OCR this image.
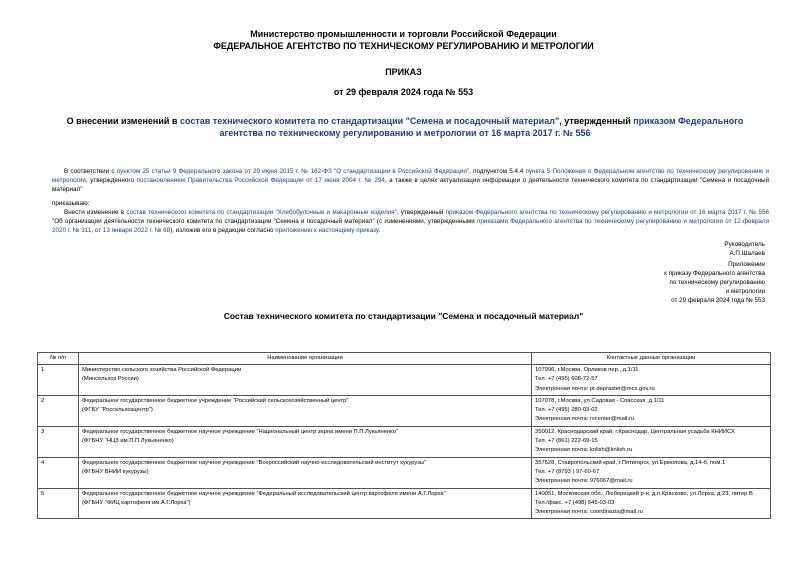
Министерство промышленности и торговли Российской Федерации
ФЕДЕРАЛЬНОЕ АГЕНТСТВО ПО ТЕХНИЧЕСКОМУ РЕГУЛИРОВАНИЮ И МЕТРОЛОГИИ
ПРИКАЗ
от 29 февраля 2024 года № 553
О внесении изменений в состав технического комитета по стандартизации "Семена и посадочный материал", утвержденный приказом Федерального агентства по техническому регулированию и метрологии от 16 марта 2017 г. № 556
В соответствии с пунктом 25 статьи 9 Федерального закона от 29 июня 2015 г. № 162-ФЗ "О стандартизации в Российской Федерации", подпунктом 5.4.4 пункта 5 Положения о Федеральном агентстве по техническому регулированию и метрологии, утвержденного постановлением Правительства Российской Федерации от 17 июня 2004 г. № 294, а также в целях актуализации информации о деятельности технического комитета по стандартизации "Семена и посадочный материал"
приказываю:
Внести изменение в состав технического комитета по стандартизации "Хлебобулочные и макаронные изделия", утвержденный приказом Федерального агентства по техническому регулированию и метрологии от 16 марта 2017 г. № 556 "Об организации деятельности технического комитета по стандартизации "Семена и посадочный материал" (с изменениями, утвержденными приказами Федерального агентства по техническому регулированию и метрологии от 12 февраля 2020 г. № 311, от 13 января 2022 г. № 68), изложив его в редакции согласно приложению к настоящему приказу.
Руководитель
А.П.Шалаев
Приложение
к приказу Федерального агентства
по техническому регулированию
и метрологии
от 29 февраля 2024 года № 553
Состав технического комитета по стандартизации "Семена и посадочный материал"
№ п/п	Наименование организации	Контактные данные организации
1	Министерство сельского хозяйства Российской Федерации
(Минсельхоз России)	107996, г.Москва, Орликов пер., д.1/11
Тел. +7 (495) 608-72-57
Электронная почта: pr.depraster@mcx.gov.ru

2	Федеральное государственное бюджетное учреждение "Российский сельскохозяйственный центр"
(ФГБУ "Россельхозцентр")	107078, г.Москва, ул.Садовая - Спасская, д.1/11
Тел. +7 (495) 280-03-02
Электронная почта: rscenter@mail.ru

3	Федеральное государственное бюджетное научное учреждение "Национальный центр зерна имени П.П.Лукьяненко"
(ФГБНУ "НЦЗ им.П.П.Лукьяненко)	350012, Краснодарский край, г.Краснодар, Центральная усадьба КНИИСХ
Тел. +7 (861) 222-69-15
Электронная почта: knlish@knlish.ru

4	Федеральное государственное бюджетное научное учреждение "Всероссийский научно-исследовательский институт кукурузы"
(ФГБНУ ВНИИ кукурузы)	357528, Ставропольский край, г.Пятигорск, ул.Ермолова, д.14-б, пом.1
Тел. +7 (8793 ) 97-60-67
Электронная почта: 976067@mail.ru

5	Федеральное государственное бюджетное научное учреждение "Федеральный исследовательский центр картофеля имени А.Г.Лорха"
(ФГБНУ "ФИЦ картофеля им.А.Г.Лорха")	140051, Московская обл., Люберецкий р-н, д.п.Красково, ул.Лорха, д.23, литер В
Тел./факс. +7 (498) 645-03-03
Электронная почта: coordinazia@mail.ru
